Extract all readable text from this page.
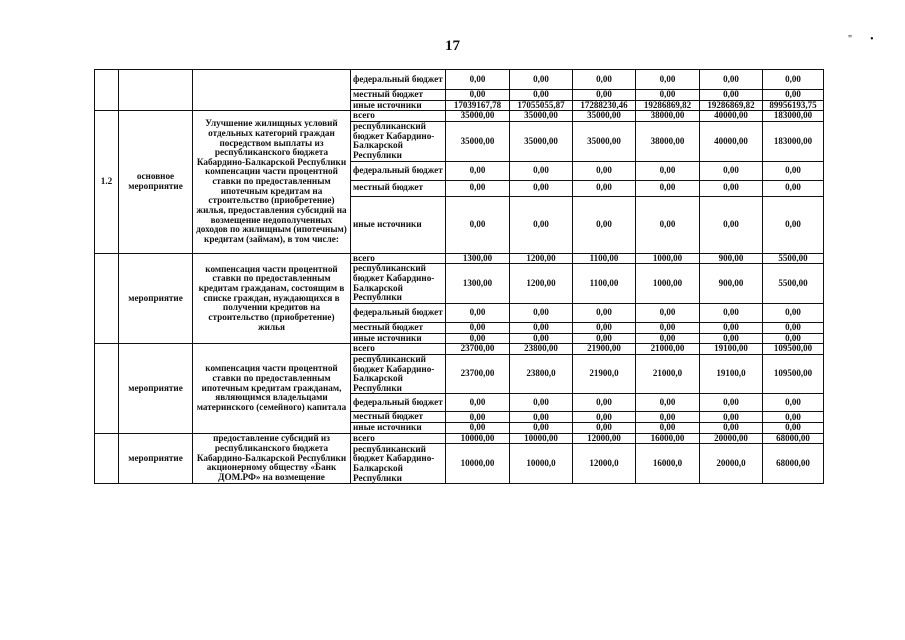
17	"•
			федеральный бюджет	0,00	0,00	0,00	0,00	0,00	0,00
			местный бюджет	0,00	0,00	0,00	0,00	0,00	0,00
			иные источники	17039167,78	17055055,87	17288230,46	19286869,82	19286869,82	89956193,75
1.2	основное мероприятие	Улучшение жилищных условий отдельных категорий граждан посредством выплаты из республиканского бюджета Кабардино-Балкарской Республики компенсации части процентной ставки по предоставленным ипотечным кредитам на строительство (приобретение) жилья, предоставления субсидий на возмещение недополученных доходов по жилищным (ипотечным) кредитам (займам), в том числе:	всего	35000,00	35000,00	35000,00	38000,00	40000,00	183000,00
			республиканский бюджет Кабардино-Балкарской Республики	35000,00	35000,00	35000,00	38000,00	40000,00	183000,00
			федеральный бюджет	0,00	0,00	0,00	0,00	0,00	0,00
			местный бюджет	0,00	0,00	0,00	0,00	0,00	0,00
			иные источники	0,00	0,00	0,00	0,00	0,00	0,00
	мероприятие	компенсация части процентной ставки по предоставленным кредитам гражданам, состоящим в списке граждан, нуждающихся в получении кредитов на строительство (приобретение) жилья	всего	1300,00	1200,00	1100,00	1000,00	900,00	5500,00
			республиканский бюджет Кабардино-Балкарской Республики	1300,00	1200,00	1100,00	1000,00	900,00	5500,00
			федеральный бюджет	0,00	0,00	0,00	0,00	0,00	0,00
			местный бюджет	0,00	0,00	0,00	0,00	0,00	0,00
			иные источники	0,00	0,00	0,00	0,00	0,00	0,00
	мероприятие	компенсация части процентной ставки по предоставленным ипотечным кредитам гражданам, являющимся владельцами материнского (семейного) капитала	всего	23700,00	23800,00	21900,00	21000,00	19100,00	109500,00
			республиканский бюджет Кабардино-Балкарской Республики	23700,00	23800,0	21900,0	21000,0	19100,0	109500,00
			федеральный бюджет	0,00	0,00	0,00	0,00	0,00	0,00
			местный бюджет	0,00	0,00	0,00	0,00	0,00	0,00
			иные источники	0,00	0,00	0,00	0,00	0,00	0,00
	мероприятие	предоставление субсидий из республиканского бюджета Кабардино-Балкарской Республики акционерному обществу «Банк ДОМ.РФ» на возмещение	всего	10000,00	10000,00	12000,00	16000,00	20000,00	68000,00
			республиканский бюджет Кабардино-Балкарской Республики	10000,00	10000,0	12000,0	16000,0	20000,0	68000,00
